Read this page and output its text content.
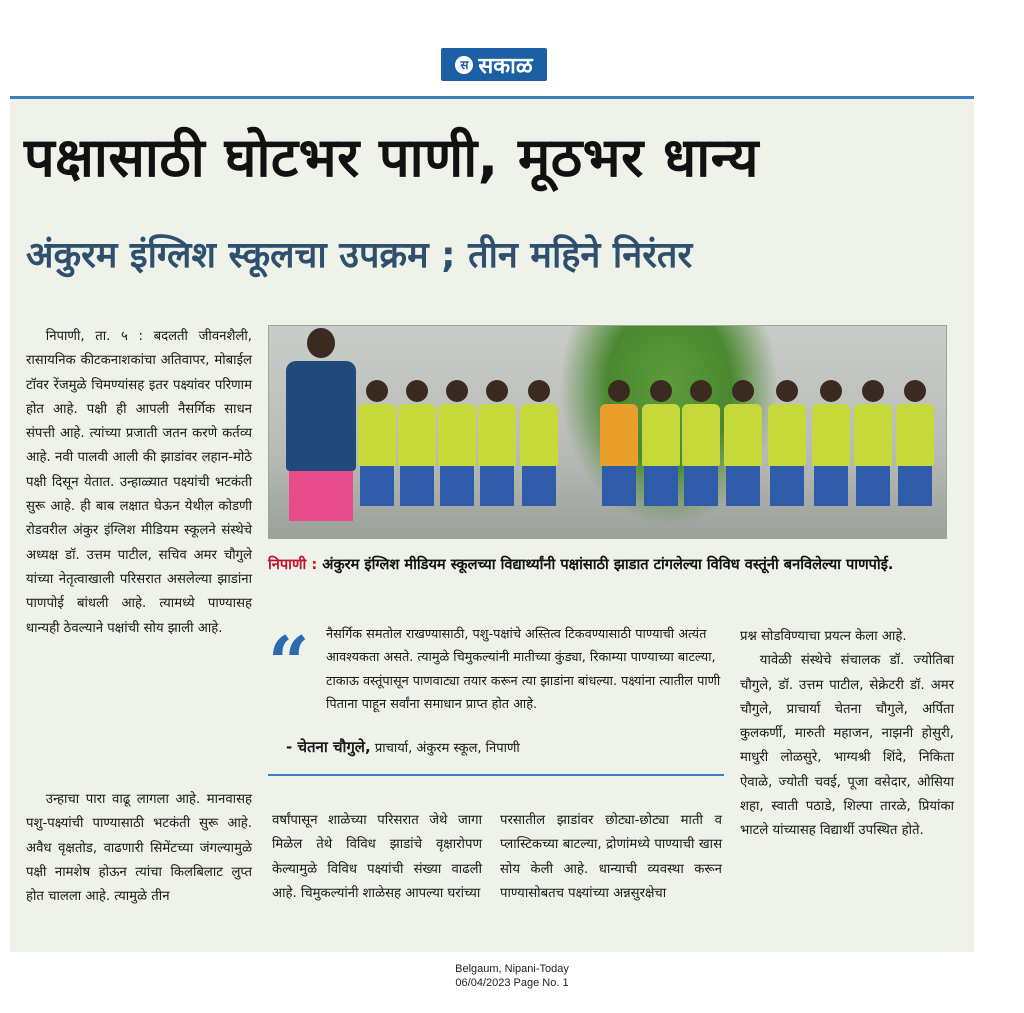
स सकाळ
पक्षासाठी घोटभर पाणी, मूठभर धान्य
अंकुरम इंग्लिश स्कूलचा उपक्रम ; तीन महिने निरंतर

निपाणी, ता. ५ : बदलती जीवनशैली, रासायनिक कीटकनाशकांचा अतिवापर, मोबाईल टॉवर रेंजमुळे चिमण्यांसह इतर पक्ष्यांवर परिणाम होत आहे. पक्षी ही आपली नैसर्गिक साधन संपत्ती आहे. त्यांच्या प्रजाती जतन करणे कर्तव्य आहे. नवी पालवी आली की झाडांवर लहान-मोठे पक्षी दिसून येतात. उन्हाळ्यात पक्ष्यांची भटकंती सुरू आहे. ही बाब लक्षात घेऊन येथील कोडणी रोडवरील अंकुर इंग्लिश मीडियम स्कूलने संस्थेचे अध्यक्ष डॉ. उत्तम पाटील, सचिव अमर चौगुले यांच्या नेतृत्वाखाली परिसरात असलेल्या झाडांना पाणपोई बांधली आहे. त्यामध्ये पाण्यासह धान्यही ठेवल्याने पक्षांची सोय झाली आहे.

उन्हाचा पारा वाढू लागला आहे. मानवासह पशु-पक्ष्यांची पाण्यासाठी भटकंती सुरू आहे. अवैध वृक्षतोड, वाढणारी सिमेंटच्या जंगल्यामुळे पक्षी नामशेष होऊन त्यांचा किलबिलाट लुप्त होत चालला आहे. त्यामुळे तीन

निपाणी : अंकुरम इंग्लिश मीडियम स्कूलच्या विद्यार्थ्यांनी पक्षांसाठी झाडात टांगलेल्या विविध वस्तूंनी बनविलेल्या पाणपोई.
“	नैसर्गिक समतोल राखण्यासाठी, पशु-पक्षांचे अस्तित्व टिकवण्यासाठी पाण्याची अत्यंत आवश्यकता असते. त्यामुळे चिमुकल्यांनी मातीच्या कुंड्या, रिकाम्या पाण्याच्या बाटल्या, टाकाऊ वस्तूंपासून पाणवाट्या तयार करून त्या झाडांना बांधल्या. पक्ष्यांना त्यातील पाणी पिताना पाहून सर्वांना समाधान प्राप्त होत आहे.
- चेतना चौगुले, प्राचार्या, अंकुरम स्कूल, निपाणी
प्रश्न सोडविण्याचा प्रयत्न केला आहे.

यावेळी संस्थेचे संचालक डॉ. ज्योतिबा चौगुले, डॉ. उत्तम पाटील, सेक्रेटरी डॉ. अमर चौगुले, प्राचार्या चेतना चौगुले, अर्पिता कुलकर्णी, मारुती महाजन, नाझनी होसुरी, माधुरी लोळसुरे, भाग्यश्री शिंदे, निकिता ऐवाळे, ज्योती चवई, पूजा वसेदार, ओसिया शहा, स्वाती पठाडे, शिल्पा तारळे, प्रियांका भाटले यांच्यासह विद्यार्थी उपस्थित होते.

वर्षांपासून शाळेच्या परिसरात जेथे जागा मिळेल तेथे विविध झाडांचे वृक्षारोपण केल्यामुळे विविध पक्ष्यांची संख्या वाढली आहे. चिमुकल्यांनी शाळेसह आपल्या घरांच्या
परसातील झाडांवर छोट्या-छोट्या माती व प्लास्टिकच्या बाटल्या, द्रोणांमध्ये पाण्याची खास सोय केली आहे. धान्याची व्यवस्था करून पाण्यासोबतच पक्ष्यांच्या अन्नसुरक्षेचा
Belgaum, Nipani-Today
06/04/2023 Page No. 1
